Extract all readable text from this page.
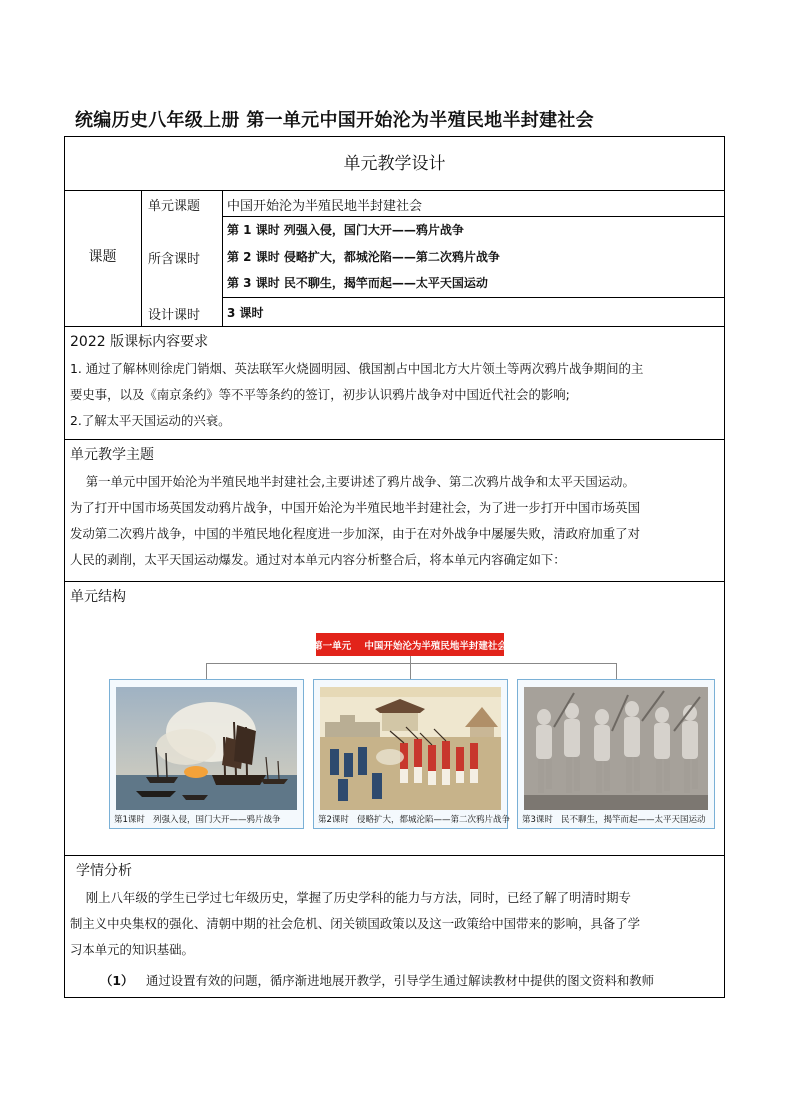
统编历史八年级上册 第一单元中国开始沦为半殖民地半封建社会
单元教学设计
课题
单元课题 中国开始沦为半殖民地半封建社会
所含课时
第 1 课时 列强入侵，国门大开——鸦片战争
第 2 课时 侵略扩大，都城沦陷——第二次鸦片战争
第 3 课时 民不聊生，揭竿而起——太平天国运动
设计课时 3 课时
2022 版课标内容要求
1. 通过了解林则徐虎门销烟、英法联军火烧圆明园、俄国割占中国北方大片领土等两次鸦片战争期间的主
要史事，以及《南京条约》等不平等条约的签订，初步认识鸦片战争对中国近代社会的影响;
2.了解太平天国运动的兴衰。
单元教学主题
第一单元中国开始沦为半殖民地半封建社会,主要讲述了鸦片战争、第二次鸦片战争和太平天国运动。
为了打开中国市场英国发动鸦片战争，中国开始沦为半殖民地半封建社会，为了进一步打开中国市场英国
发动第二次鸦片战争，中国的半殖民地化程度进一步加深，由于在对外战争中屡屡失败，清政府加重了对
人民的剥削，太平天国运动爆发。通过对本单元内容分析整合后，将本单元内容确定如下：
单元结构
第一单元    中国开始沦为半殖民地半封建社会
第1课时   列强入侵，国门大开——鸦片战争	第2课时   侵略扩大，都城沦陷——第二次鸦片战争 第3课时   民不聊生，揭竿而起——太平天国运动
学情分析
刚上八年级的学生已学过七年级历史，掌握了历史学科的能力与方法，同时，已经了解了明清时期专
制主义中央集权的强化、清朝中期的社会危机、闭关锁国政策以及这一政策给中国带来的影响，具备了学
习本单元的知识基础。
（1） 通过设置有效的问题，循序渐进地展开教学，引导学生通过解读教材中提供的图文资料和教师
